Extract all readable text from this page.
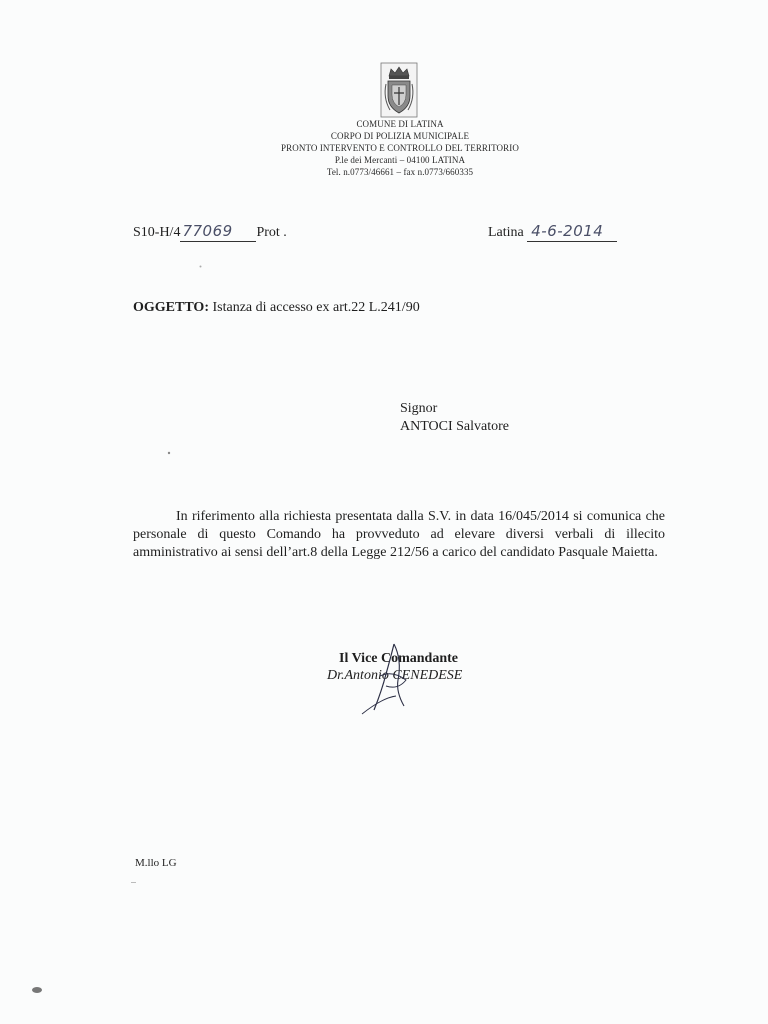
COMUNE DI LATINA
CORPO DI POLIZIA MUNICIPALE
PRONTO INTERVENTO E CONTROLLO DEL TERRITORIO
P.le dei Mercanti – 04100 LATINA
Tel. n.0773/46661 – fax n.0773/660335
S10-H/4 77069 Prot .	Latina 4-6-2014
OGGETTO: Istanza di accesso ex art.22 L.241/90
Signor
ANTOCI Salvatore
In riferimento alla richiesta presentata dalla S.V. in data 16/045/2014 si comunica che personale di questo Comando ha provveduto ad elevare diversi verbali di illecito amministrativo ai sensi dell’art.8 della Legge 212/56 a carico del candidato Pasquale Maietta.
Il Vice Comandante
Dr.Antonio CENEDESE
M.llo LG
